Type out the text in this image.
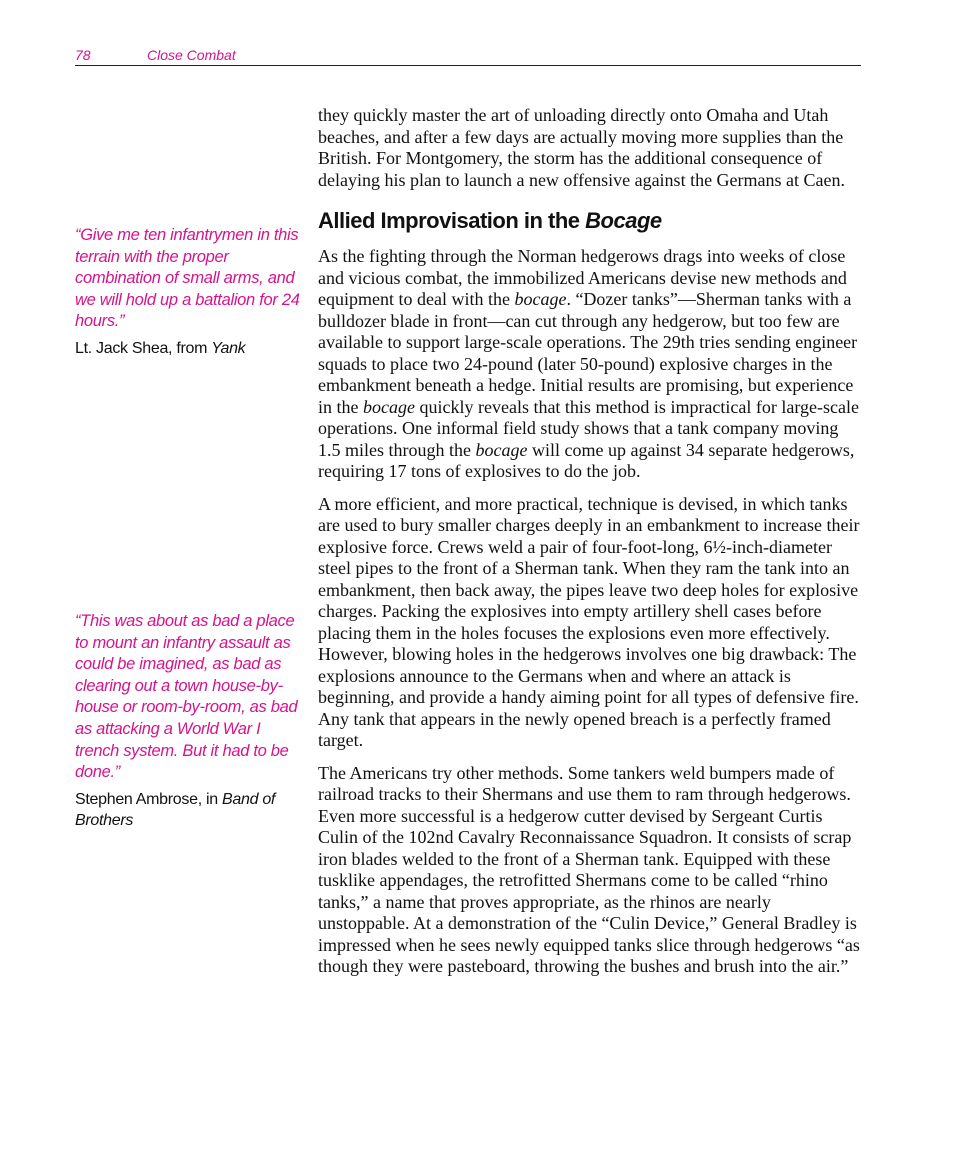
78	Close Combat

“Give me ten infantrymen in this terrain with the proper combination of small arms, and we will hold up a battalion for 24 hours.”

Lt. Jack Shea, from Yank

“This was about as bad a place to mount an infantry assault as could be imagined, as bad as clearing out a town house-by-house or room-by-room, as bad as attacking a World War I trench system. But it had to be done.”

Stephen Ambrose, in Band of Brothers

they quickly master the art of unloading directly onto Omaha and Utah beaches, and after a few days are actually moving more supplies than the British. For Montgomery, the storm has the additional consequence of delaying his plan to launch a new offensive against the Germans at Caen.

Allied Improvisation in the Bocage

As the fighting through the Norman hedgerows drags into weeks of close and vicious combat, the immobilized Americans devise new methods and equipment to deal with the bocage. “Dozer tanks”—Sherman tanks with a bulldozer blade in front—can cut through any hedgerow, but too few are available to support large-scale operations. The 29th tries sending engineer squads to place two 24-pound (later 50-pound) explosive charges in the embankment beneath a hedge. Initial results are promising, but experience in the bocage quickly reveals that this method is impractical for large-scale operations. One informal field study shows that a tank company moving 1.5 miles through the bocage will come up against 34 separate hedgerows, requiring 17 tons of explosives to do the job.

A more efficient, and more practical, technique is devised, in which tanks are used to bury smaller charges deeply in an embankment to increase their explosive force. Crews weld a pair of four-foot-long, 6½-inch-diameter steel pipes to the front of a Sherman tank. When they ram the tank into an embankment, then back away, the pipes leave two deep holes for explosive charges. Packing the explosives into empty artillery shell cases before placing them in the holes focuses the explosions even more effectively. However, blowing holes in the hedgerows involves one big drawback: The explosions announce to the Germans when and where an attack is beginning, and provide a handy aiming point for all types of defensive fire. Any tank that appears in the newly opened breach is a perfectly framed target.

The Americans try other methods. Some tankers weld bumpers made of railroad tracks to their Shermans and use them to ram through hedgerows. Even more successful is a hedgerow cutter devised by Sergeant Curtis Culin of the 102nd Cavalry Reconnaissance Squadron. It consists of scrap iron blades welded to the front of a Sherman tank. Equipped with these tusklike appendages, the retrofitted Shermans come to be called “rhino tanks,” a name that proves appropriate, as the rhinos are nearly unstoppable. At a demonstration of the “Culin Device,” General Bradley is impressed when he sees newly equipped tanks slice through hedgerows “as though they were pasteboard, throwing the bushes and brush into the air.”
